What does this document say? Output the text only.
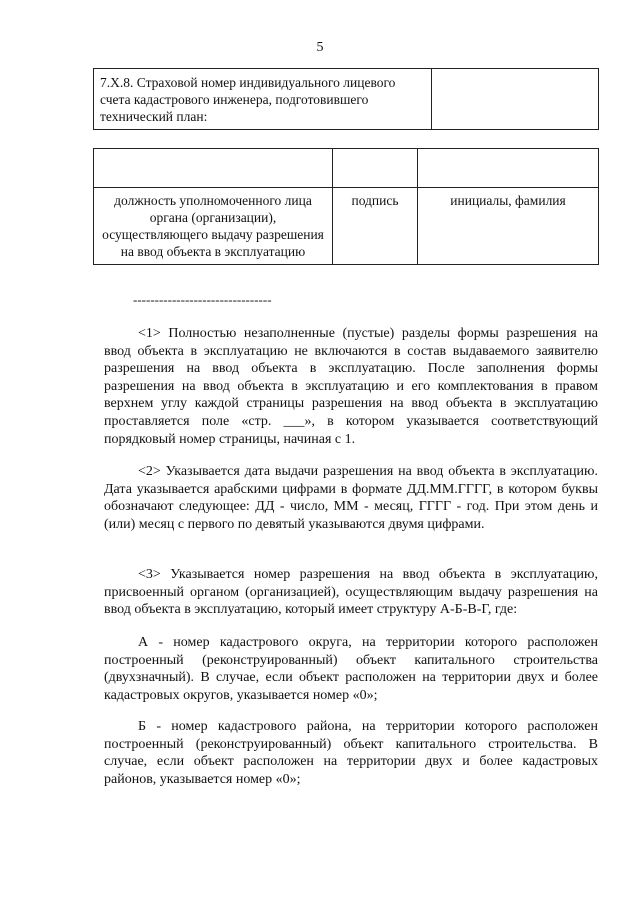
5
7.Х.8. Страховой номер индивидуального лицевого счета кадастрового инженера, подготовившего технический план:	

должность уполномоченного лица органа (организации), осуществляющего выдачу разрешения на ввод объекта в эксплуатацию	подпись	инициалы, фамилия
--------------------------------

<1> Полностью незаполненные (пустые) разделы формы разрешения на ввод объекта в эксплуатацию не включаются в состав выдаваемого заявителю разрешения на ввод объекта в эксплуатацию. После заполнения формы разрешения на ввод объекта в эксплуатацию и его комплектования в правом верхнем углу каждой страницы разрешения на ввод объекта в эксплуатацию проставляется поле «стр. ___», в котором указывается соответствующий порядковый номер страницы, начиная с 1.

<2> Указывается дата выдачи разрешения на ввод объекта в эксплуатацию. Дата указывается арабскими цифрами в формате ДД.ММ.ГГГГ, в котором буквы обозначают следующее: ДД - число, ММ - месяц, ГГГГ - год. При этом день и (или) месяц с первого по девятый указываются двумя цифрами.

<3> Указывается номер разрешения на ввод объекта в эксплуатацию, присвоенный органом (организацией), осуществляющим выдачу разрешения на ввод объекта в эксплуатацию, который имеет структуру А-Б-В-Г, где:

А - номер кадастрового округа, на территории которого расположен построенный (реконструированный) объект капитального строительства (двухзначный). В случае, если объект расположен на территории двух и более кадастровых округов, указывается номер «0»;

Б - номер кадастрового района, на территории которого расположен построенный (реконструированный) объект капитального строительства. В случае, если объект расположен на территории двух и более кадастровых районов, указывается номер «0»;
